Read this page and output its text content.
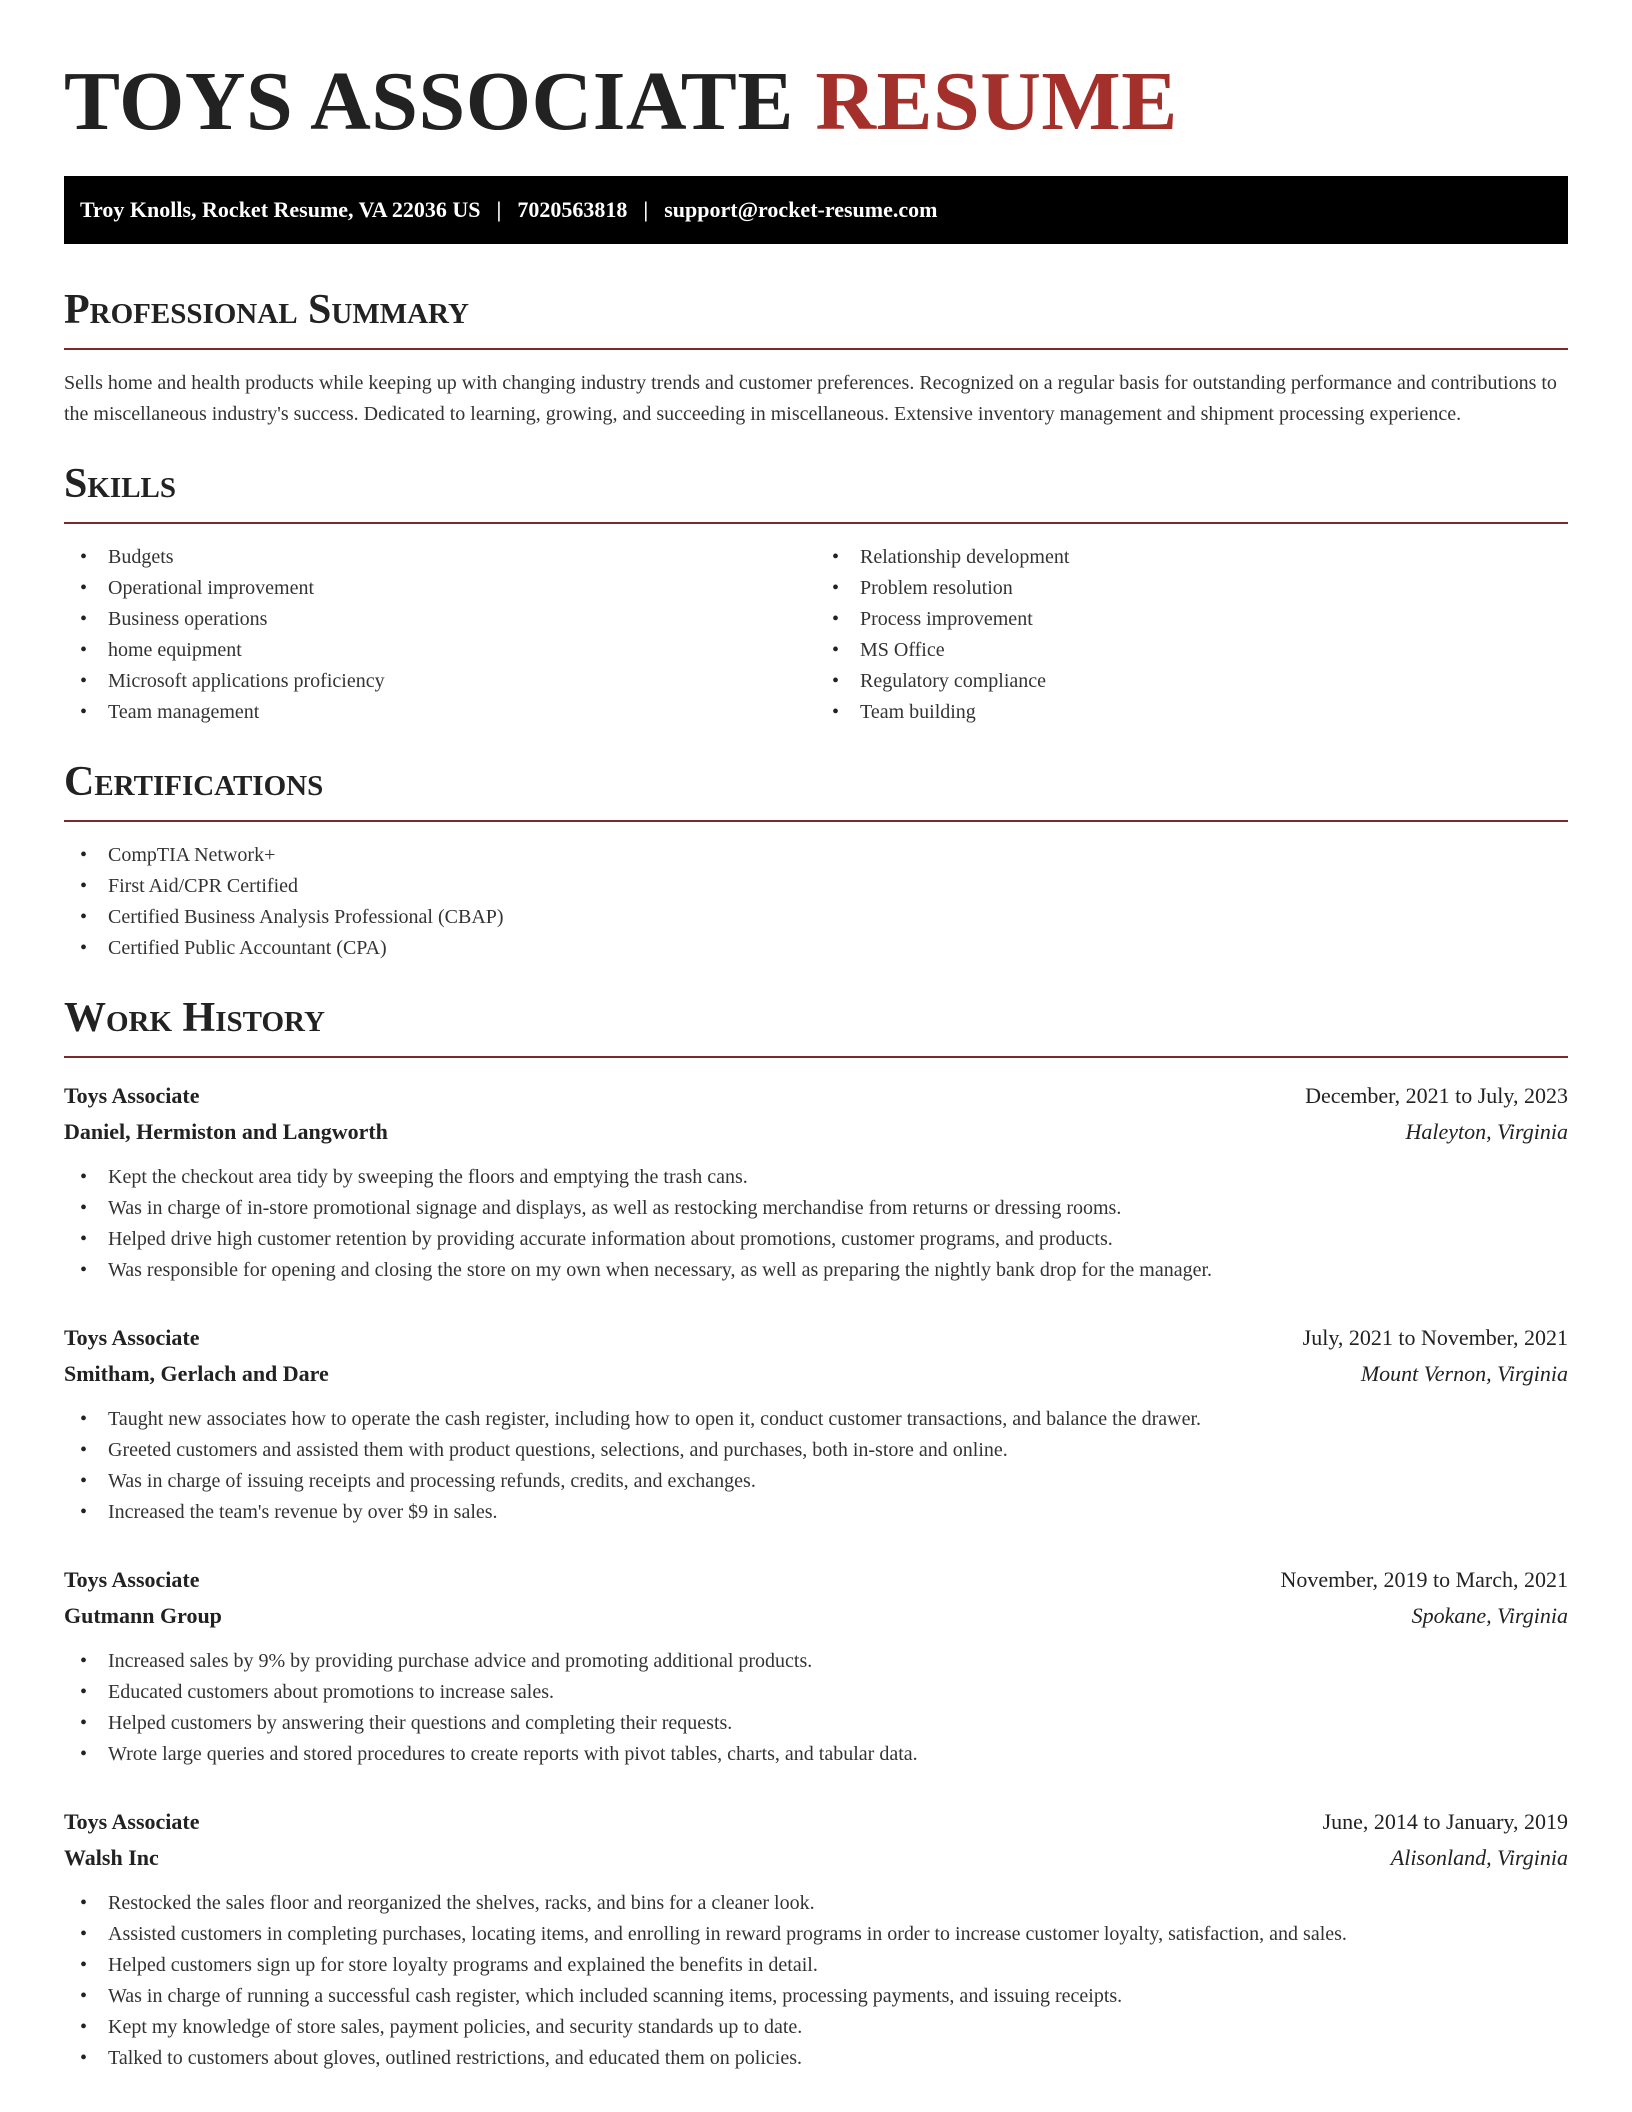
TOYS ASSOCIATE RESUME
Troy Knolls, Rocket Resume, VA 22036 US | 7020563818 | support@rocket-resume.com
Professional Summary

Sells home and health products while keeping up with changing industry trends and customer preferences. Recognized on a regular basis for outstanding performance and contributions to the miscellaneous industry's success. Dedicated to learning, growing, and succeeding in miscellaneous. Extensive inventory management and shipment processing experience.

Skills
• Budgets
• Operational improvement
• Business operations
• home equipment
• Microsoft applications proficiency
• Team management
• Relationship development
• Problem resolution
• Process improvement
• MS Office
• Regulatory compliance
• Team building
Certifications
• CompTIA Network+
• First Aid/CPR Certified
• Certified Business Analysis Professional (CBAP)
• Certified Public Accountant (CPA)
Work History
Toys Associate	December, 2021 to July, 2023
Daniel, Hermiston and Langworth	Haleyton, Virginia
• Kept the checkout area tidy by sweeping the floors and emptying the trash cans.
• Was in charge of in-store promotional signage and displays, as well as restocking merchandise from returns or dressing rooms.
• Helped drive high customer retention by providing accurate information about promotions, customer programs, and products.
• Was responsible for opening and closing the store on my own when necessary, as well as preparing the nightly bank drop for the manager.
Toys Associate	July, 2021 to November, 2021
Smitham, Gerlach and Dare	Mount Vernon, Virginia
• Taught new associates how to operate the cash register, including how to open it, conduct customer transactions, and balance the drawer.
• Greeted customers and assisted them with product questions, selections, and purchases, both in-store and online.
• Was in charge of issuing receipts and processing refunds, credits, and exchanges.
• Increased the team's revenue by over $9 in sales.
Toys Associate	November, 2019 to March, 2021
Gutmann Group	Spokane, Virginia
• Increased sales by 9% by providing purchase advice and promoting additional products.
• Educated customers about promotions to increase sales.
• Helped customers by answering their questions and completing their requests.
• Wrote large queries and stored procedures to create reports with pivot tables, charts, and tabular data.
Toys Associate	June, 2014 to January, 2019
Walsh Inc	Alisonland, Virginia
• Restocked the sales floor and reorganized the shelves, racks, and bins for a cleaner look.
• Assisted customers in completing purchases, locating items, and enrolling in reward programs in order to increase customer loyalty, satisfaction, and sales.
• Helped customers sign up for store loyalty programs and explained the benefits in detail.
• Was in charge of running a successful cash register, which included scanning items, processing payments, and issuing receipts.
• Kept my knowledge of store sales, payment policies, and security standards up to date.
• Talked to customers about gloves, outlined restrictions, and educated them on policies.
